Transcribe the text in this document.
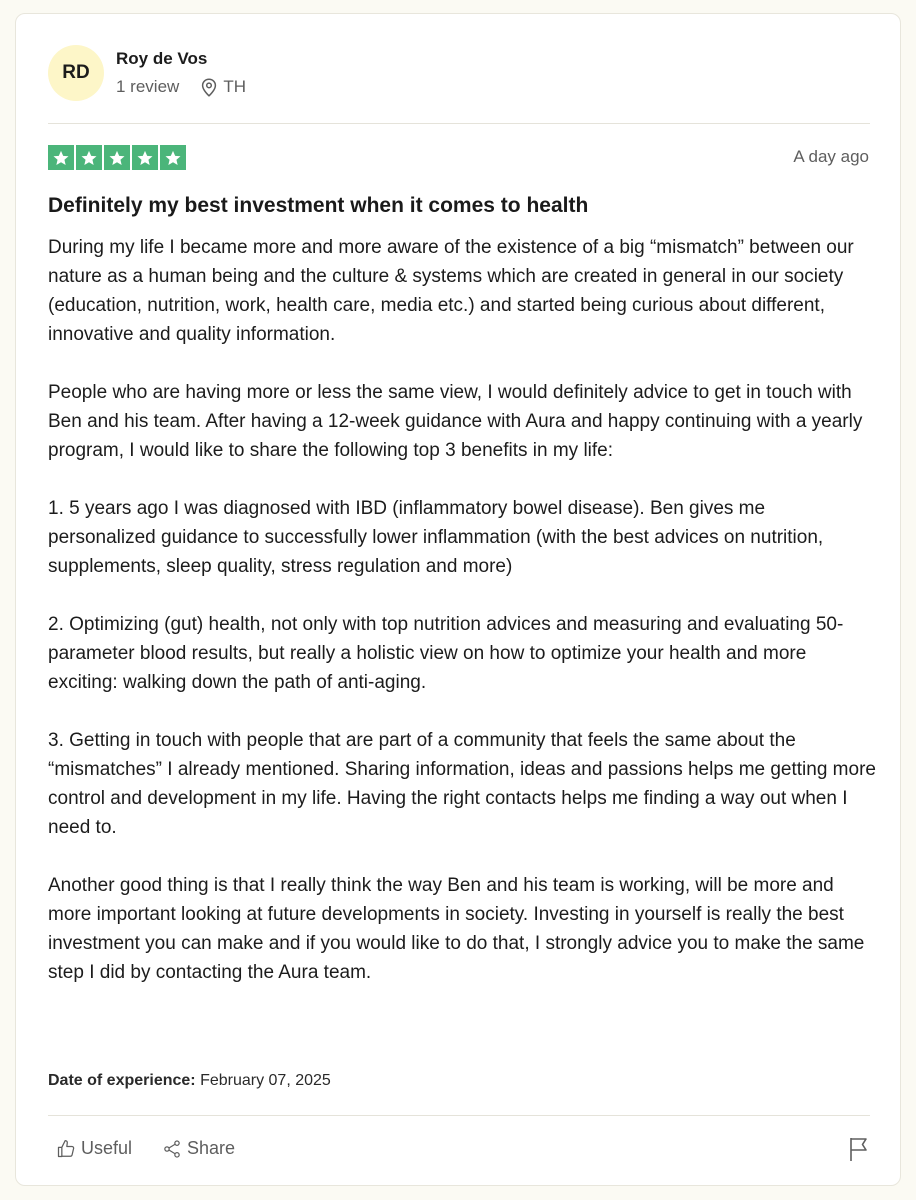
RD
Roy de Vos
1 review	TH
A day ago
Definitely my best investment when it comes to health

During my life I became more and more aware of the existence of a big “mismatch” between our nature as a human being and the culture & systems which are created in general in our society (education, nutrition, work, health care, media etc.) and started being curious about different, innovative and quality information.

People who are having more or less the same view, I would definitely advice to get in touch with Ben and his team. After having a 12-week guidance with Aura and happy continuing with a yearly program, I would like to share the following top 3 benefits in my life:

1. 5 years ago I was diagnosed with IBD (inflammatory bowel disease). Ben gives me personalized guidance to successfully lower inflammation (with the best advices on nutrition, supplements, sleep quality, stress regulation and more)

2. Optimizing (gut) health, not only with top nutrition advices and measuring and evaluating 50-parameter blood results, but really a holistic view on how to optimize your health and more exciting: walking down the path of anti-aging.

3. Getting in touch with people that are part of a community that feels the same about the “mismatches” I already mentioned. Sharing information, ideas and passions helps me getting more control and development in my life. Having the right contacts helps me finding a way out when I need to.

Another good thing is that I really think the way Ben and his team is working, will be more and more important looking at future developments in society. Investing in yourself is really the best investment you can make and if you would like to do that, I strongly advice you to make the same step I did by contacting the Aura team.

Date of experience: February 07, 2025
Useful	Share
